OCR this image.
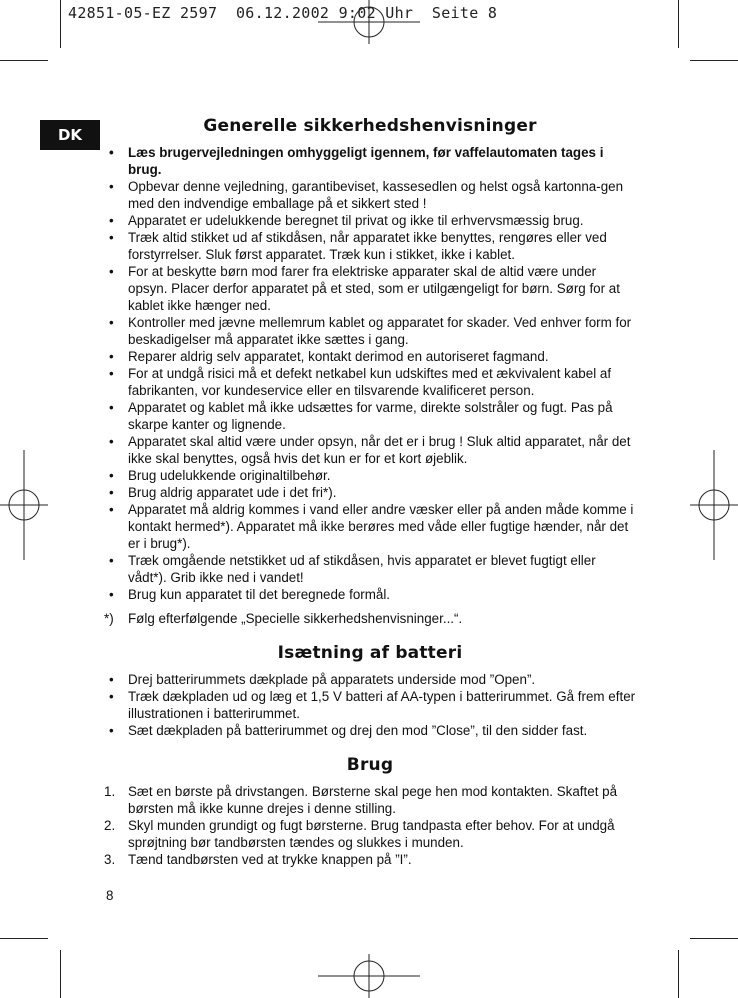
42851-05-EZ 2597  06.12.2002 9:02 Uhr  Seite 8
DK	Generelle sikkerhedshenvisninger
• Læs brugervejledningen omhyggeligt igennem, før vaffelautomaten tages i brug.
• Opbevar denne vejledning, garantibeviset, kassesedlen og helst også kartonna-gen med den indvendige emballage på et sikkert sted !
• Apparatet er udelukkende beregnet til privat og ikke til erhvervsmæssig brug.
• Træk altid stikket ud af stikdåsen, når apparatet ikke benyttes, rengøres eller ved forstyrrelser. Sluk først apparatet. Træk kun i stikket, ikke i kablet.
• For at beskytte børn mod farer fra elektriske apparater skal de altid være under opsyn. Placer derfor apparatet på et sted, som er utilgængeligt for børn. Sørg for at kablet ikke hænger ned.
• Kontroller med jævne mellemrum kablet og apparatet for skader. Ved enhver form for beskadigelser må apparatet ikke sættes i gang.
• Reparer aldrig selv apparatet, kontakt derimod en autoriseret fagmand.
• For at undgå risici må et defekt netkabel kun udskiftes med et ækvivalent kabel af fabrikanten, vor kundeservice eller en tilsvarende kvalificeret person.
• Apparatet og kablet må ikke udsættes for varme, direkte solstråler og fugt. Pas på skarpe kanter og lignende.
• Apparatet skal altid være under opsyn, når det er i brug ! Sluk altid apparatet, når det ikke skal benyttes, også hvis det kun er for et kort øjeblik.
• Brug udelukkende originaltilbehør.
• Brug aldrig apparatet ude i det fri*).
• Apparatet må aldrig kommes i vand eller andre væsker eller på anden måde komme i kontakt hermed*). Apparatet må ikke berøres med våde eller fugtige hænder, når det er i brug*).
• Træk omgående netstikket ud af stikdåsen, hvis apparatet er blevet fugtigt eller vådt*). Grib ikke ned i vandet!
• Brug kun apparatet til det beregnede formål.
*) Følg efterfølgende „Specielle sikkerhedshenvisninger...“.
Isætning af batteri
• Drej batterirummets dækplade på apparatets underside mod ”Open”.
• Træk dækpladen ud og læg et 1,5 V batteri af AA-typen i batterirummet. Gå frem efter illustrationen i batterirummet.
• Sæt dækpladen på batterirummet og drej den mod ”Close”, til den sidder fast.
Brug
1. Sæt en børste på drivstangen. Børsterne skal pege hen mod kontakten. Skaftet på børsten må ikke kunne drejes i denne stilling.
2. Skyl munden grundigt og fugt børsterne. Brug tandpasta efter behov. For at undgå sprøjtning bør tandbørsten tændes og slukkes i munden.
3. Tænd tandbørsten ved at trykke knappen på ”I”.
8
